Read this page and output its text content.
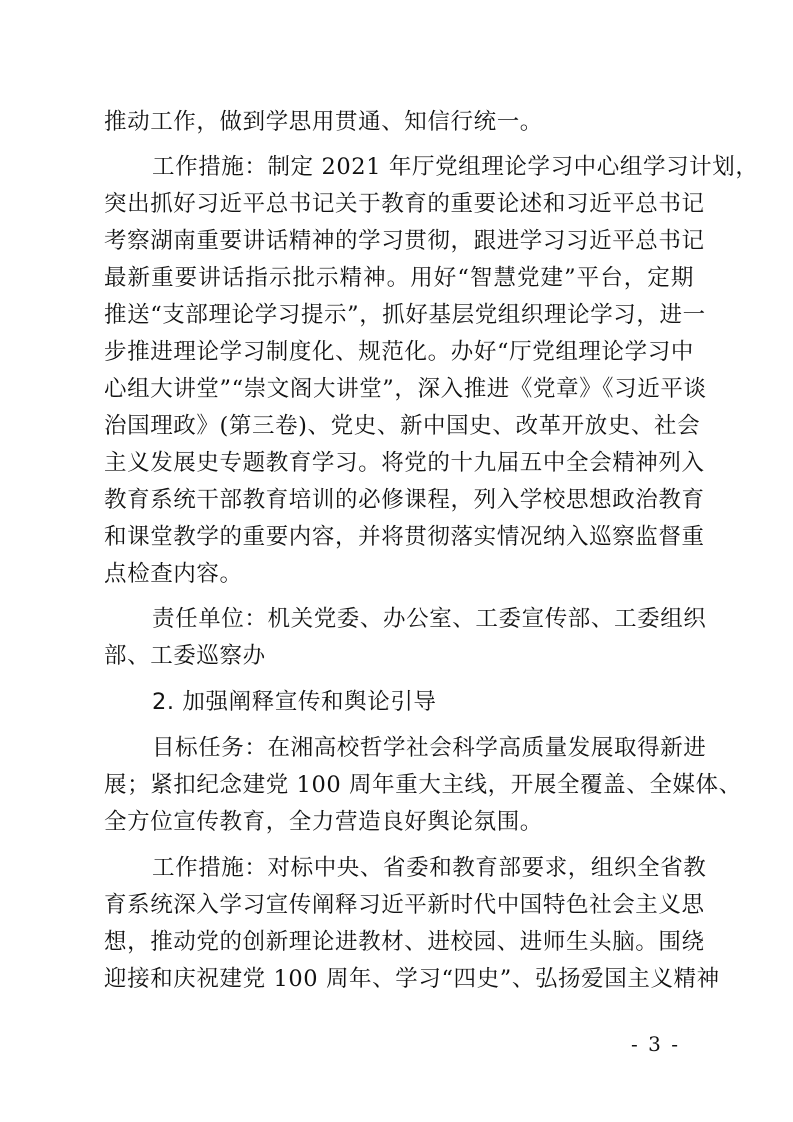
推动工作，做到学思用贯通、知信行统一。
工作措施：制定 2021 年厅党组理论学习中心组学习计划，
突出抓好习近平总书记关于教育的重要论述和习近平总书记
考察湖南重要讲话精神的学习贯彻，跟进学习习近平总书记
最新重要讲话指示批示精神。用好“智慧党建”平台，定期
推送“支部理论学习提示”，抓好基层党组织理论学习，进一
步推进理论学习制度化、规范化。办好“厅党组理论学习中
心组大讲堂”“崇文阁大讲堂”，深入推进《党章》《习近平谈
治国理政》(第三卷)、党史、新中国史、改革开放史、社会
主义发展史专题教育学习。将党的十九届五中全会精神列入
教育系统干部教育培训的必修课程，列入学校思想政治教育
和课堂教学的重要内容，并将贯彻落实情况纳入巡察监督重
点检查内容。
责任单位：机关党委、办公室、工委宣传部、工委组织
部、工委巡察办
2. 加强阐释宣传和舆论引导
目标任务：在湘高校哲学社会科学高质量发展取得新进
展；紧扣纪念建党 100 周年重大主线，开展全覆盖、全媒体、
全方位宣传教育，全力营造良好舆论氛围。
工作措施：对标中央、省委和教育部要求，组织全省教
育系统深入学习宣传阐释习近平新时代中国特色社会主义思
想，推动党的创新理论进教材、进校园、进师生头脑。围绕
迎接和庆祝建党 100 周年、学习“四史”、弘扬爱国主义精神
- 3 -
